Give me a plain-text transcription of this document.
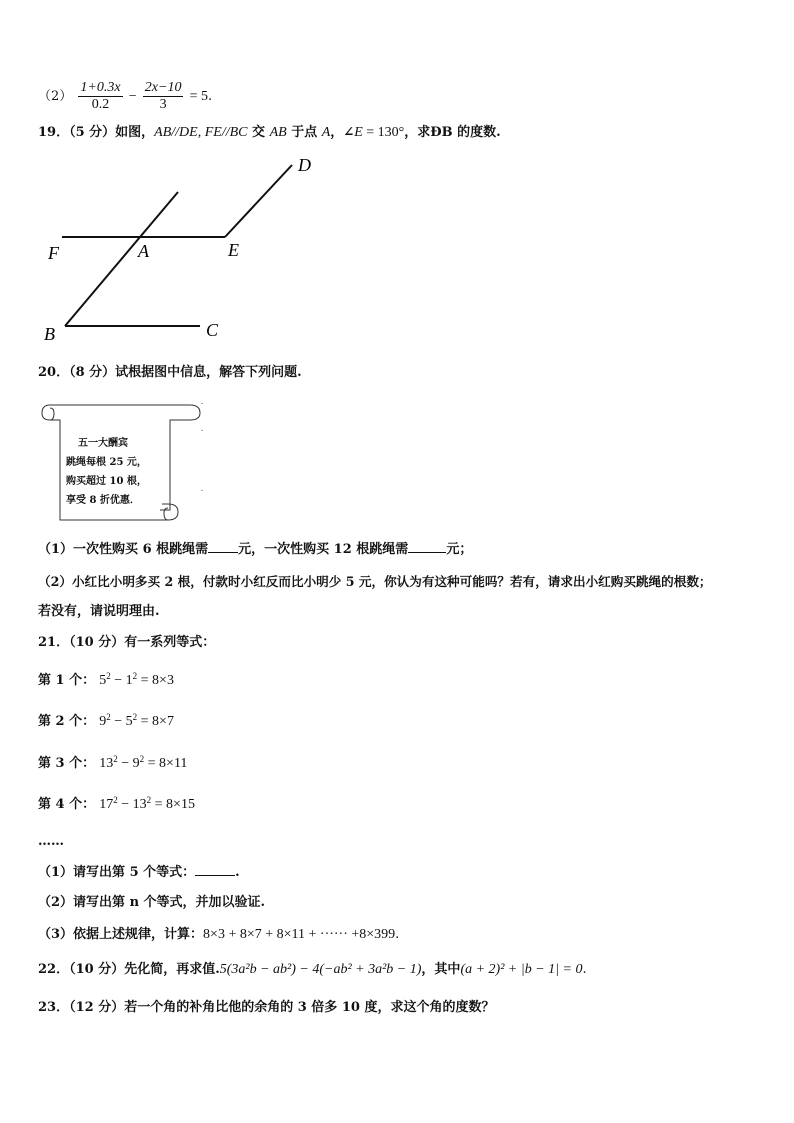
$(2) \frac{1+0.3x}{0.2} - \frac{2x-10}{3} = 5$.
19．（5 分）如图，AB//DE, FE//BC 交 AB 于点 A，∠E = 130°，求ÐB 的度数.
D
F	A	E
B	C
20．（8 分）试根据图中信息，解答下列问题.
五一大酬宾
跳绳每根 25 元，
购买超过 10 根，
享受 8 折优惠．
（1）一次性购买 6 根跳绳需 元，一次性购买 12 根跳绳需	元；
（2）小红比小明多买 2 根，付款时小红反而比小明少 5 元，你认为有这种可能吗？若有，请求出小红购买跳绳的根数；
若没有，请说明理由.
21．（10 分）有一系列等式：
第 1 个： $5^2 - 1^2 = 8\times 3$
第 2 个： $9^2 - 5^2 = 8\times 7$
第 3 个： $13^2 - 9^2 = 8\times 11$
第 4 个： $17^2 - 13^2 = 8\times 15$
……
（1）请写出第 5 个等式：	.
（2）请写出第 n 个等式，并加以验证.
（3）依据上述规律，计算：8×3 + 8×7 + 8×11 + ······ +8×399.
22．（10 分）先化简，再求值.5(3a²b − ab²) − 4(−ab² + 3a²b − 1)，其中(a + 2)² + |b − 1| = 0.
23．（12 分）若一个角的补角比他的余角的 3 倍多 10 度，求这个角的度数？
